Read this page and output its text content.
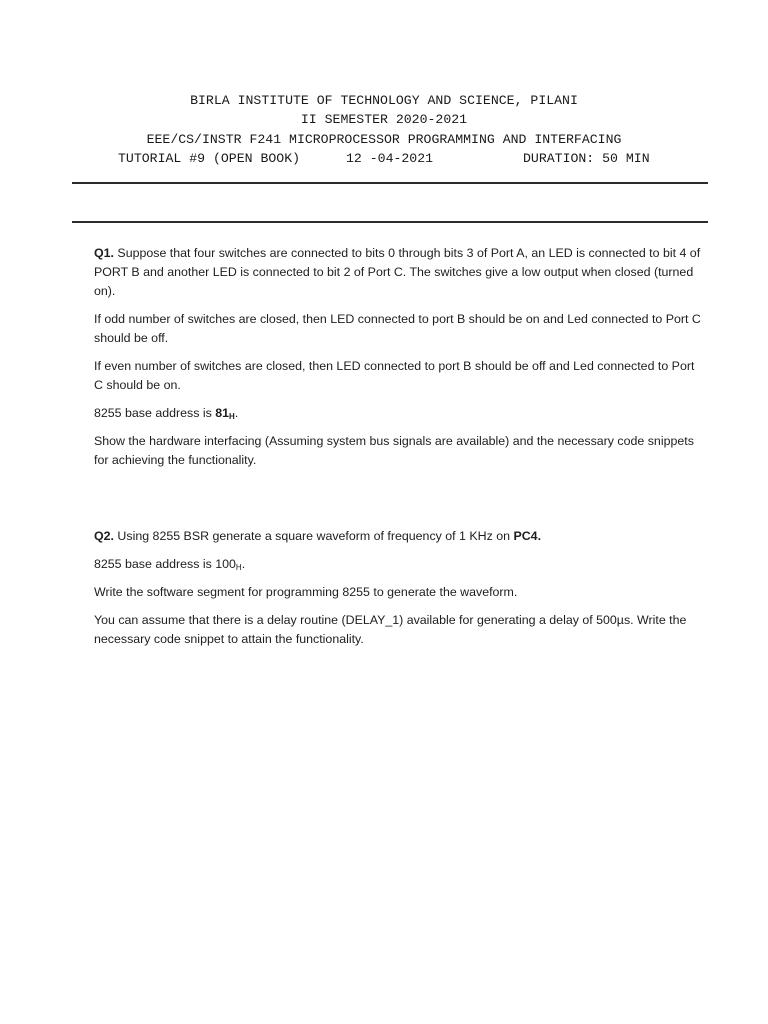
BIRLA INSTITUTE OF TECHNOLOGY AND SCIENCE, PILANI
II SEMESTER 2020-2021
EEE/CS/INSTR F241 MICROPROCESSOR PROGRAMMING AND INTERFACING

TUTORIAL #9 (OPEN BOOK)

	12 -04-2021

	DURATION: 50 MIN

Q1. Suppose that four switches are connected to bits 0 through bits 3 of Port A, an LED is connected to bit 4 of PORT B and another LED is connected to bit 2 of Port C. The switches give a low output when closed (turned on).

If odd number of switches are closed, then LED connected to port B should be on and Led connected to Port C should be off.

If even number of switches are closed, then LED connected to port B should be off and Led connected to Port C should be on.

8255 base address is $81_H$.

Show the hardware interfacing (Assuming system bus signals are available) and the necessary code snippets for achieving the functionality.

Q2. Using 8255 BSR generate a square waveform of frequency of 1 KHz on PC4.

8255 base address is $100_H$.

Write the software segment for programming 8255 to generate the waveform.

You can assume that there is a delay routine (DELAY_1) available for generating a delay of 500µs. Write the necessary code snippet to attain the functionality.
